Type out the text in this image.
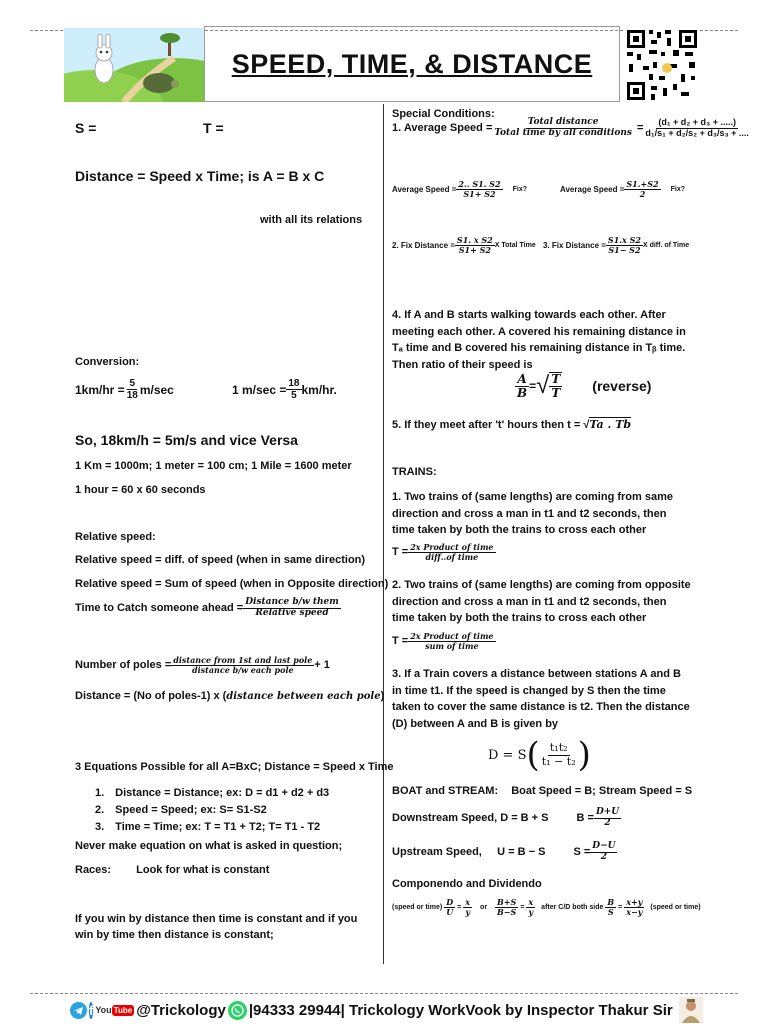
SPEED, TIME, & DISTANCE
S =	T =
Distance = Speed x Time; is A = B x C
with all its relations
Conversion:
$1km/hr = \frac{5}{18} m/\sec$	1 $m/\sec = \frac{18}{5} km/hr$.
So, 18km/h = 5m/s and vice Versa
1 Km = 1000m; 1 meter = 100 cm; 1 Mile = 1600 meter
1 hour = 60 x 60 seconds
Relative speed:
Relative speed = diff. of speed (when in same direction)
Relative speed = Sum of speed (when in Opposite direction)
Time to Catch someone ahead = $\frac{\text{Distance b/w them}}{\text{Relative speed}}$
Number of poles = $\frac{\text{distance from 1st and last pole}}{\text{distance b/w each pole}} + 1$
Distance = (No of poles-1) x (distance between each pole)
3 Equations Possible for all A=BxC; Distance = Speed x Time
1. Distance = Distance; ex: D = d1 + d2 + d3
2. Speed = Speed; ex: S= S1-S2
3. Time = Time; ex: T = T1 + T2; T= T1 - T2
Never make equation on what is asked in question;
Races: Look for what is constant
If you win by distance then time is constant and if you win by time then distance is constant;
Special Conditions:
1. Average Speed = $\frac{\text{Total distance}}{\text{Total time by all conditions}} = \frac{\text{(d₁ + d₂ + d₃ + .....)}}{\text{d₁/s₁ + d₂/s₂ + d₃/s₃ + ....}}$
Average Speed = $\frac{2.. S1. S2}{S1+ S2}$ Fix?	Average Speed = $\frac{S1.+S2}{2}$ Fix?
2. Fix Distance = $\frac{\text{S1. x S2}}{S1+ S2}$ X Total Time 3. Fix Distance = $\frac{\text{S1.x S2}}{S1- S2}$ X diff. of Time
4. If A and B starts walking towards each other. After meeting each other. A covered his remaining distance in Tₐ time and B covered his remaining distance in Tᵦ time. Then ratio of their speed is
$\frac{A}{B}$ = √ $\frac{T}{T}$ (reverse)
5. If they meet after 't' hours then t = √Ta . Tb
TRAINS:
1. Two trains of (same lengths) are coming from same direction and cross a man in t1 and t2 seconds, then time taken by both the trains to cross each other
$T = \frac{\text{2x Product of time}}{\text{diff..of time}}$
2. Two trains of (same lengths) are coming from opposite direction and cross a man in t1 and t2 seconds, then time taken by both the trains to cross each other
$T = \frac{\text{2x Product of time}}{\text{sum of time}}$
3. If a Train covers a distance between stations A and B in time t1. If the speed is changed by S then the time taken to cover the same distance is t2. Then the distance (D) between A and B is given by
D = S ( $\frac{\text{t₁t₂}}{\text{t₁ − t₂}}$ )
BOAT and STREAM: Boat Speed = B; Stream Speed = S
Downstream Speed, D = B + S	$B = \frac{D+U}{2}$
Upstream Speed,     U = B − S	$S = \frac{D-U}{2}$
Componendo and Dividendo
(speed or time) $\frac{D}{U} = \frac{x}{y}$ or $\frac{B+S}{B-S} = \frac{x}{y}$ after C/D both side $\frac{B}{S} = \frac{x+y}{x-y}$ (speed or time)
f You Tube @Trickology |94333 29944| Trickology WorkVook by Inspector Thakur Sir
